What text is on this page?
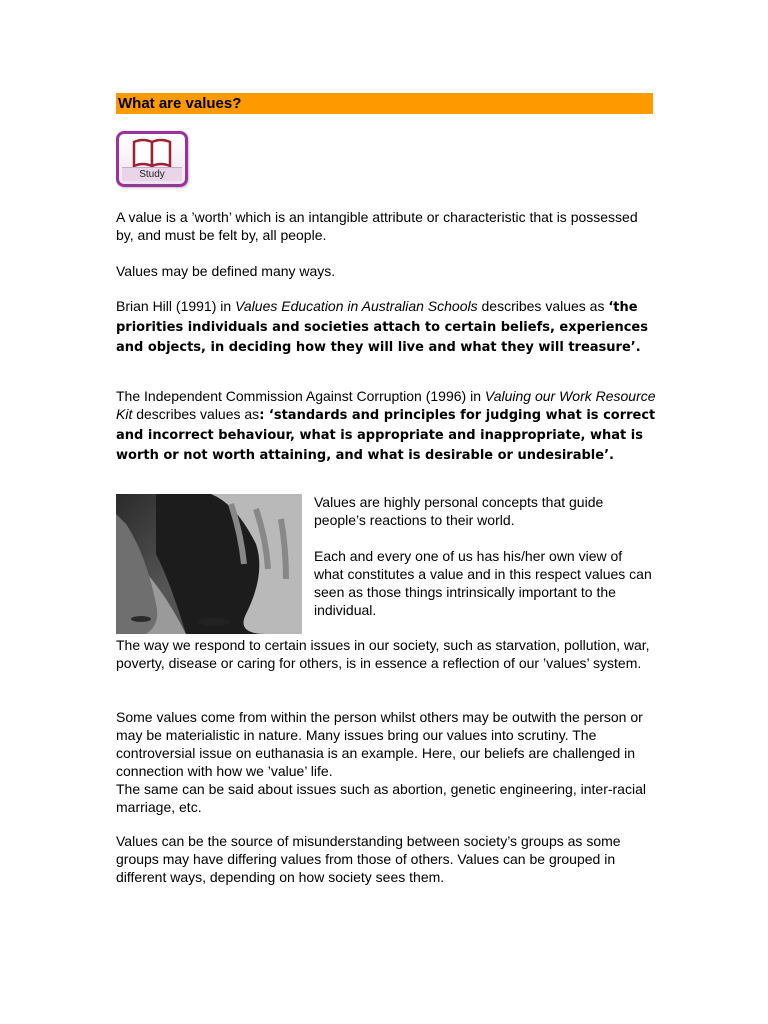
What are values?
Study

A value is a ’worth’ which is an intangible attribute or characteristic that is possessed by, and must be felt by, all people.

Values may be defined many ways.

Brian Hill (1991) in Values Education in Australian Schools describes values as ‘the priorities individuals and societies attach to certain beliefs, experiences and objects, in deciding how they will live and what they will treasure’.

The Independent Commission Against Corruption (1996) in Valuing our Work Resource Kit describes values as: ‘standards and principles for judging what is correct and incorrect behaviour, what is appropriate and inappropriate, what is worth or not worth attaining, and what is desirable or undesirable’.

Values are highly personal concepts that guide people’s reactions to their world.

Each and every one of us has his/her own view of what constitutes a value and in this respect values can seen as those things intrinsically important to the individual.

The way we respond to certain issues in our society, such as starvation, pollution, war, poverty, disease or caring for others, is in essence a reflection of our ’values’ system.

Some values come from within the person whilst others may be outwith the person or may be materialistic in nature. Many issues bring our values into scrutiny. The controversial issue on euthanasia is an example. Here, our beliefs are challenged in connection with how we ’value’ life.

The same can be said about issues such as abortion, genetic engineering, inter-racial marriage, etc.

Values can be the source of misunderstanding between society’s groups as some groups may have differing values from those of others. Values can be grouped in different ways, depending on how society sees them.
